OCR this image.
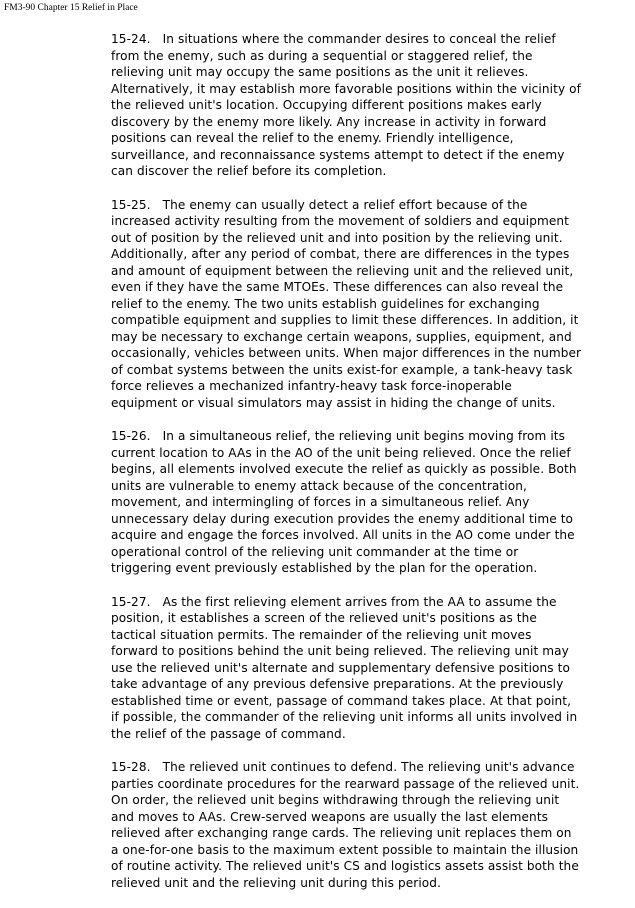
FM3-90 Chapter 15 Relief in Place
15-24. In situations where the commander desires to conceal the relief
from the enemy, such as during a sequential or staggered relief, the
relieving unit may occupy the same positions as the unit it relieves.
Alternatively, it may establish more favorable positions within the vicinity of
the relieved unit's location. Occupying different positions makes early
discovery by the enemy more likely. Any increase in activity in forward
positions can reveal the relief to the enemy. Friendly intelligence,
surveillance, and reconnaissance systems attempt to detect if the enemy
can discover the relief before its completion.
15-25. The enemy can usually detect a relief effort because of the
increased activity resulting from the movement of soldiers and equipment
out of position by the relieved unit and into position by the relieving unit.
Additionally, after any period of combat, there are differences in the types
and amount of equipment between the relieving unit and the relieved unit,
even if they have the same MTOEs. These differences can also reveal the
relief to the enemy. The two units establish guidelines for exchanging
compatible equipment and supplies to limit these differences. In addition, it
may be necessary to exchange certain weapons, supplies, equipment, and
occasionally, vehicles between units. When major differences in the number
of combat systems between the units exist-for example, a tank-heavy task
force relieves a mechanized infantry-heavy task force-inoperable
equipment or visual simulators may assist in hiding the change of units.
15-26. In a simultaneous relief, the relieving unit begins moving from its
current location to AAs in the AO of the unit being relieved. Once the relief
begins, all elements involved execute the relief as quickly as possible. Both
units are vulnerable to enemy attack because of the concentration,
movement, and intermingling of forces in a simultaneous relief. Any
unnecessary delay during execution provides the enemy additional time to
acquire and engage the forces involved. All units in the AO come under the
operational control of the relieving unit commander at the time or
triggering event previously established by the plan for the operation.
15-27. As the first relieving element arrives from the AA to assume the
position, it establishes a screen of the relieved unit's positions as the
tactical situation permits. The remainder of the relieving unit moves
forward to positions behind the unit being relieved. The relieving unit may
use the relieved unit's alternate and supplementary defensive positions to
take advantage of any previous defensive preparations. At the previously
established time or event, passage of command takes place. At that point,
if possible, the commander of the relieving unit informs all units involved in
the relief of the passage of command.
15-28. The relieved unit continues to defend. The relieving unit's advance
parties coordinate procedures for the rearward passage of the relieved unit.
On order, the relieved unit begins withdrawing through the relieving unit
and moves to AAs. Crew-served weapons are usually the last elements
relieved after exchanging range cards. The relieving unit replaces them on
a one-for-one basis to the maximum extent possible to maintain the illusion
of routine activity. The relieved unit's CS and logistics assets assist both the
relieved unit and the relieving unit during this period.
